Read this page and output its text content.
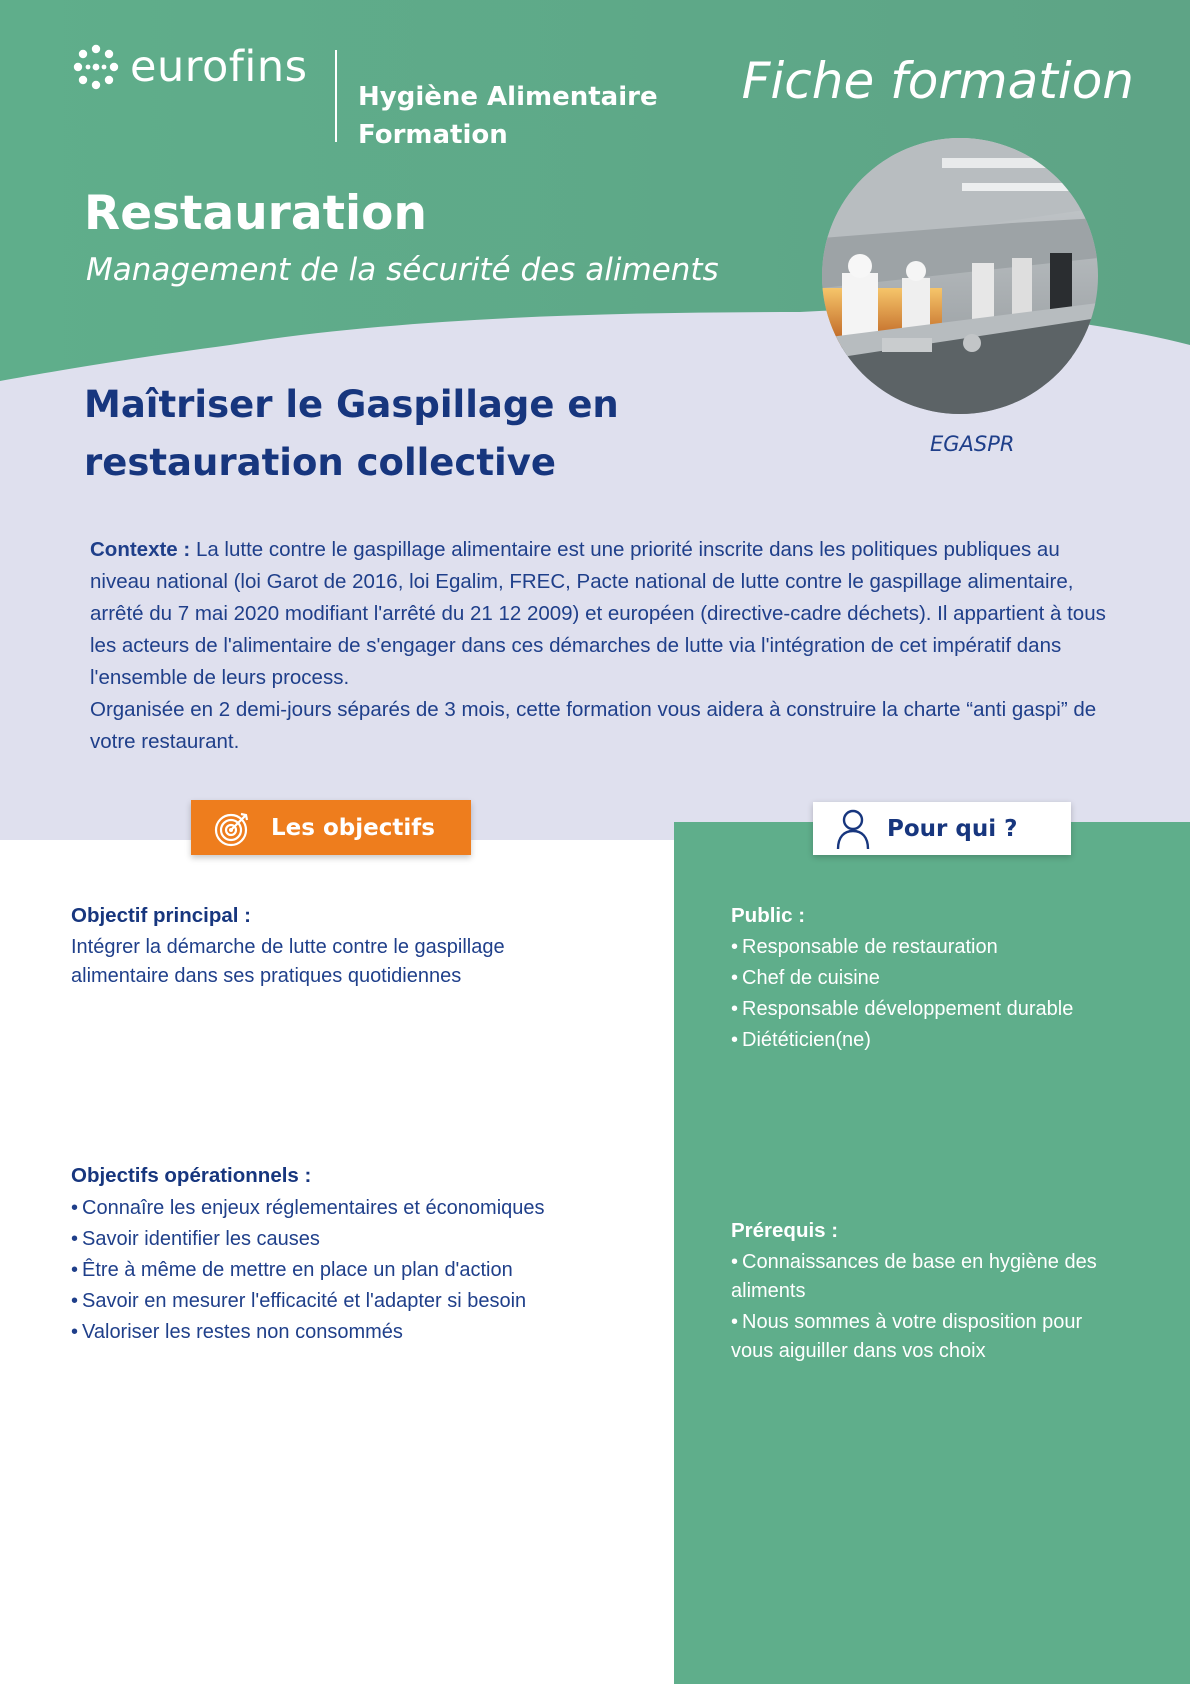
eurofins
Hygiène Alimentaire
Formation
Fiche formation
Restauration
Management de la sécurité des aliments
EGASPR
Maîtriser le Gaspillage en restauration collective

Contexte : La lutte contre le gaspillage alimentaire est une priorité inscrite dans les politiques publiques au niveau national (loi Garot de 2016, loi Egalim, FREC, Pacte national de lutte contre le gaspillage alimentaire, arrêté du 7 mai 2020 modifiant l'arrêté du 21 12 2009) et européen (directive-cadre déchets). Il appartient à tous les acteurs de l'alimentaire de s'engager dans ces démarches de lutte via l'intégration de cet impératif dans l'ensemble de leurs process.

Organisée en 2 demi-jours séparés de 3 mois, cette formation vous aidera à construire la charte “anti gaspi” de votre restaurant.

Les objectifs	Pour qui ?
Objectif principal :

Intégrer la démarche de lutte contre le gaspillage alimentaire dans ses pratiques quotidiennes

Objectifs opérationnels :
• Connaîre les enjeux réglementaires et économiques
• Savoir identifier les causes
• Être à même de mettre en place un plan d'action
• Savoir en mesurer l'efficacité et l'adapter si besoin
• Valoriser les restes non consommés
Public :
• Responsable de restauration
• Chef de cuisine
• Responsable développement durable
• Diététicien(ne)
Prérequis :
• Connaissances de base en hygiène des aliments
• Nous sommes à votre disposition pour vous aiguiller dans vos choix
